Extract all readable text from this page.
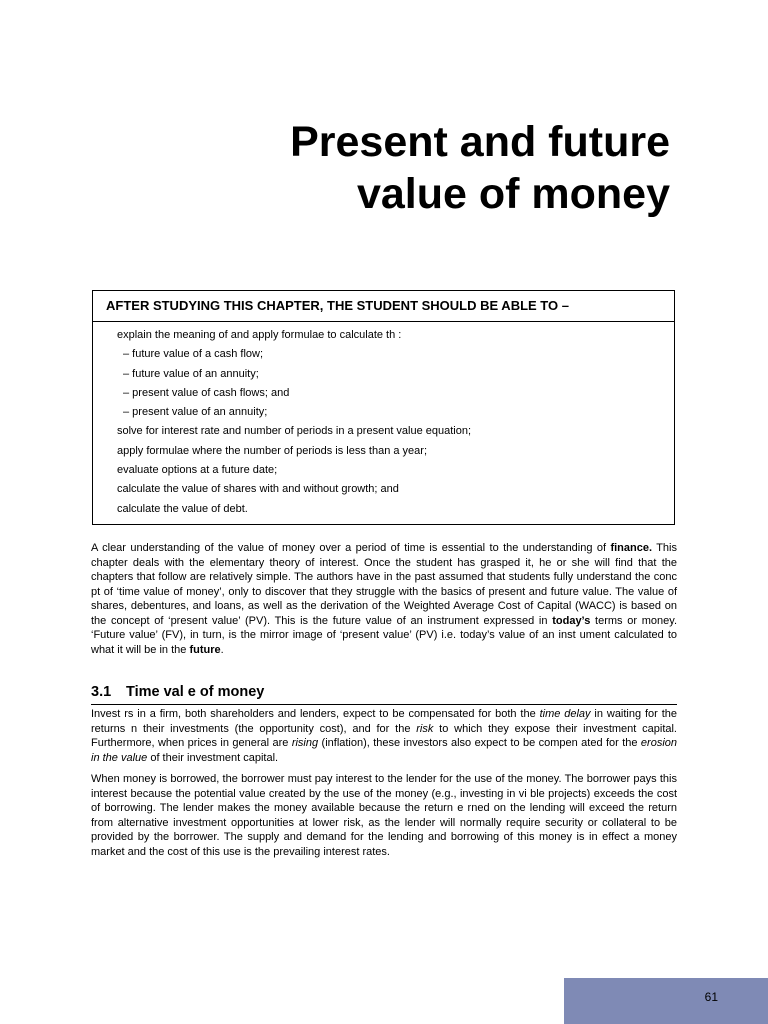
Present and future
value of money
AFTER STUDYING THIS CHAPTER, THE STUDENT SHOULD BE ABLE TO –
explain the meaning of and apply formulae to calculate th :
– future value of a cash flow;
– future value of an annuity;
– present value of cash flows; and
– present value of an annuity;
solve for interest rate and number of periods in a present value equation;
apply formulae where the number of periods is less than a year;
evaluate options at a future date;
calculate the value of shares with and without growth; and
calculate the value of debt.

A clear understanding of the value of money over a period of time is essential to the understanding of finance. This chapter deals with the elementary theory of interest. Once the student has grasped it, he or she will find that the chapters that follow are relatively simple. The authors have in the past assumed that students fully understand the conc pt of ‘time value of money’, only to discover that they struggle with the basics of present and future value. The value of shares, debentures, and loans, as well as the derivation of the Weighted Average Cost of Capital (WACC) is based on the concept of ‘present value’ (PV). This is the future value of an instrument expressed in today’s terms or money. ‘Future value’ (FV), in turn, is the mirror image of ‘present value’ (PV) i.e. today’s value of an inst ument calculated to what it will be in the future.

3.1 Time val e of money

Invest rs in a firm, both shareholders and lenders, expect to be compensated for both the time delay in waiting for the returns n their investments (the opportunity cost), and for the risk to which they expose their investment capital. Furthermore, when prices in general are rising (inflation), these investors also expect to be compen ated for the erosion in the value of their investment capital.

When money is borrowed, the borrower must pay interest to the lender for the use of the money. The borrower pays this interest because the potential value created by the use of the money (e.g., investing in vi ble projects) exceeds the cost of borrowing. The lender makes the money available because the return e rned on the lending will exceed the return from alternative investment opportunities at lower risk, as the lender will normally require security or collateral to be provided by the borrower. The supply and demand for the lending and borrowing of this money is in effect a money market and the cost of this use is the prevailing interest rates.

61
